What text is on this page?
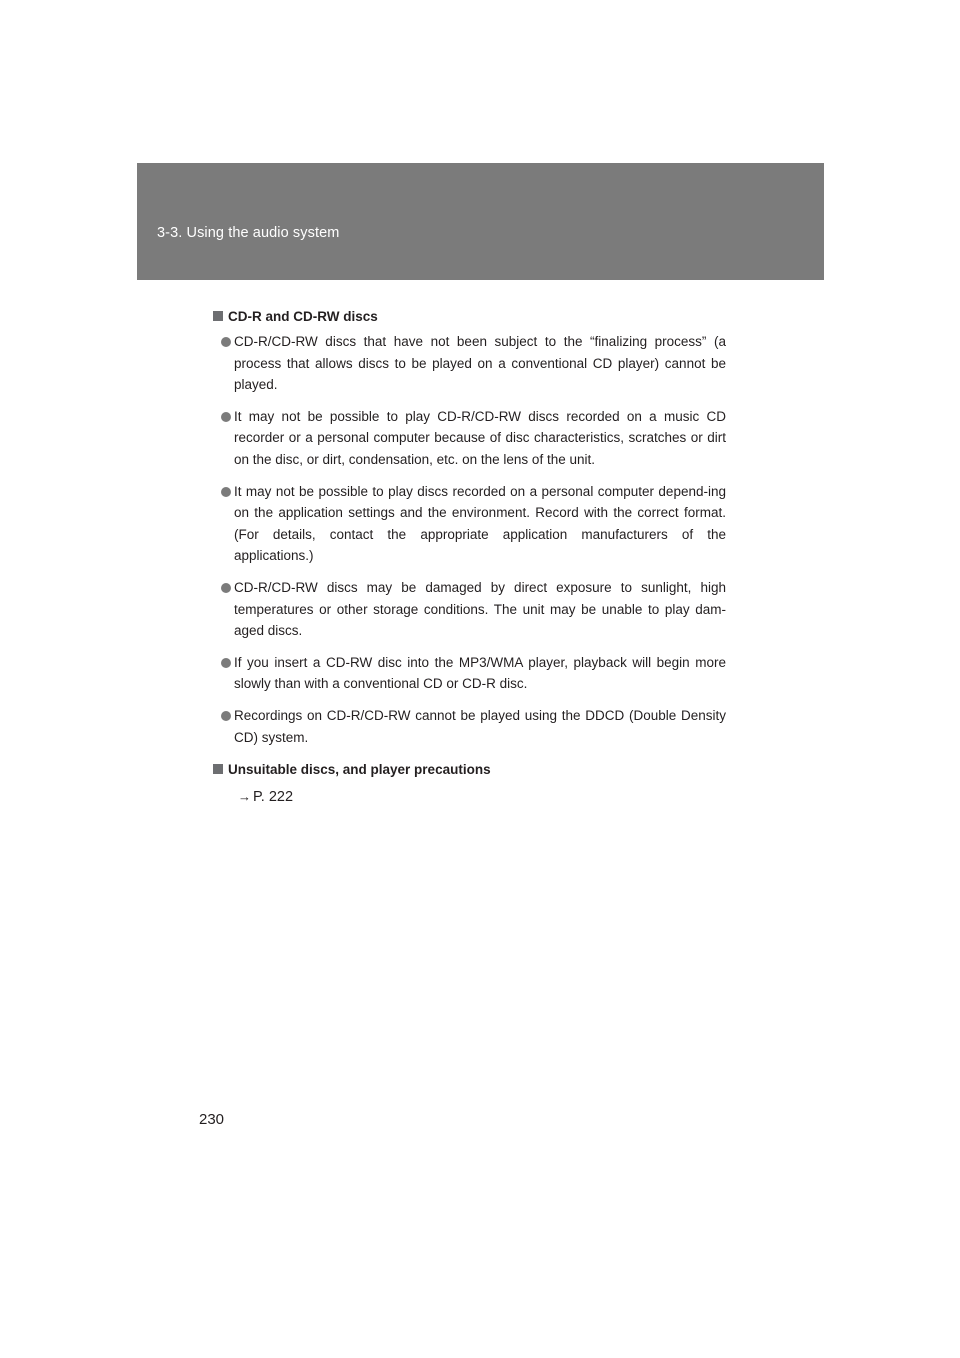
3-3. Using the audio system
CD-R and CD-RW discs
CD-R/CD-RW discs that have not been subject to the “finalizing process” (a process that allows discs to be played on a conventional CD player) cannot be played.
It may not be possible to play CD-R/CD-RW discs recorded on a music CD recorder or a personal computer because of disc characteristics, scratches or dirt on the disc, or dirt, condensation, etc. on the lens of the unit.
It may not be possible to play discs recorded on a personal computer depend-ing on the application settings and the environment. Record with the correct format. (For details, contact the appropriate application manufacturers of the applications.)
CD-R/CD-RW discs may be damaged by direct exposure to sunlight, high temperatures or other storage conditions. The unit may be unable to play dam-aged discs.
If you insert a CD-RW disc into the MP3/WMA player, playback will begin more slowly than with a conventional CD or CD-R disc.
Recordings on CD-R/CD-RW cannot be played using the DDCD (Double Density CD) system.
Unsuitable discs, and player precautions
→ P. 222
230
